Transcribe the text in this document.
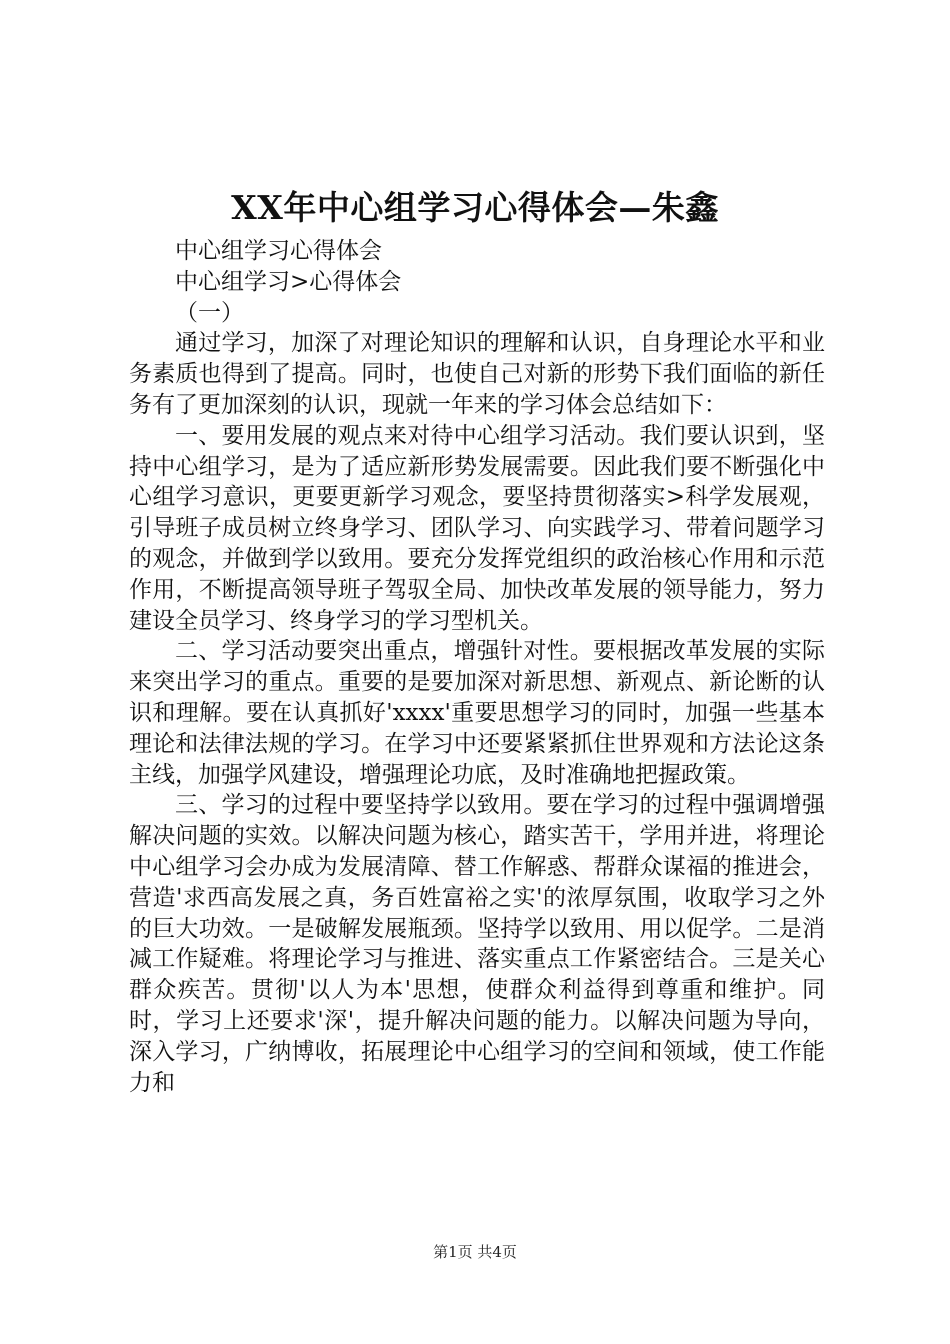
XX年中心组学习心得体会—朱鑫

中心组学习心得体会

中心组学习>心得体会

（一）

通过学习，加深了对理论知识的理解和认识，自身理论水平和业务素质也得到了提高。同时，也使自己对新的形势下我们面临的新任务有了更加深刻的认识，现就一年来的学习体会总结如下：

一、要用发展的观点来对待中心组学习活动。我们要认识到，坚持中心组学习，是为了适应新形势发展需要。因此我们要不断强化中心组学习意识，更要更新学习观念，要坚持贯彻落实>科学发展观，引导班子成员树立终身学习、团队学习、向实践学习、带着问题学习的观念，并做到学以致用。要充分发挥党组织的政治核心作用和示范作用，不断提高领导班子驾驭全局、加快改革发展的领导能力，努力建设全员学习、终身学习的学习型机关。

二、学习活动要突出重点，增强针对性。要根据改革发展的实际来突出学习的重点。重要的是要加深对新思想、新观点、新论断的认识和理解。要在认真抓好'xxxx'重要思想学习的同时，加强一些基本理论和法律法规的学习。在学习中还要紧紧抓住世界观和方法论这条主线，加强学风建设，增强理论功底，及时准确地把握政策。

三、学习的过程中要坚持学以致用。要在学习的过程中强调增强解决问题的实效。以解决问题为核心，踏实苦干，学用并进，将理论中心组学习会办成为发展清障、替工作解惑、帮群众谋福的推进会，营造'求西高发展之真，务百姓富裕之实'的浓厚氛围，收取学习之外的巨大功效。一是破解发展瓶颈。坚持学以致用、用以促学。二是消减工作疑难。将理论学习与推进、落实重点工作紧密结合。三是关心群众疾苦。贯彻'以人为本'思想，使群众利益得到尊重和维护。同时，学习上还要求'深'，提升解决问题的能力。以解决问题为导向，深入学习，广纳博收，拓展理论中心组学习的空间和领域，使工作能力和

第1页 共4页
